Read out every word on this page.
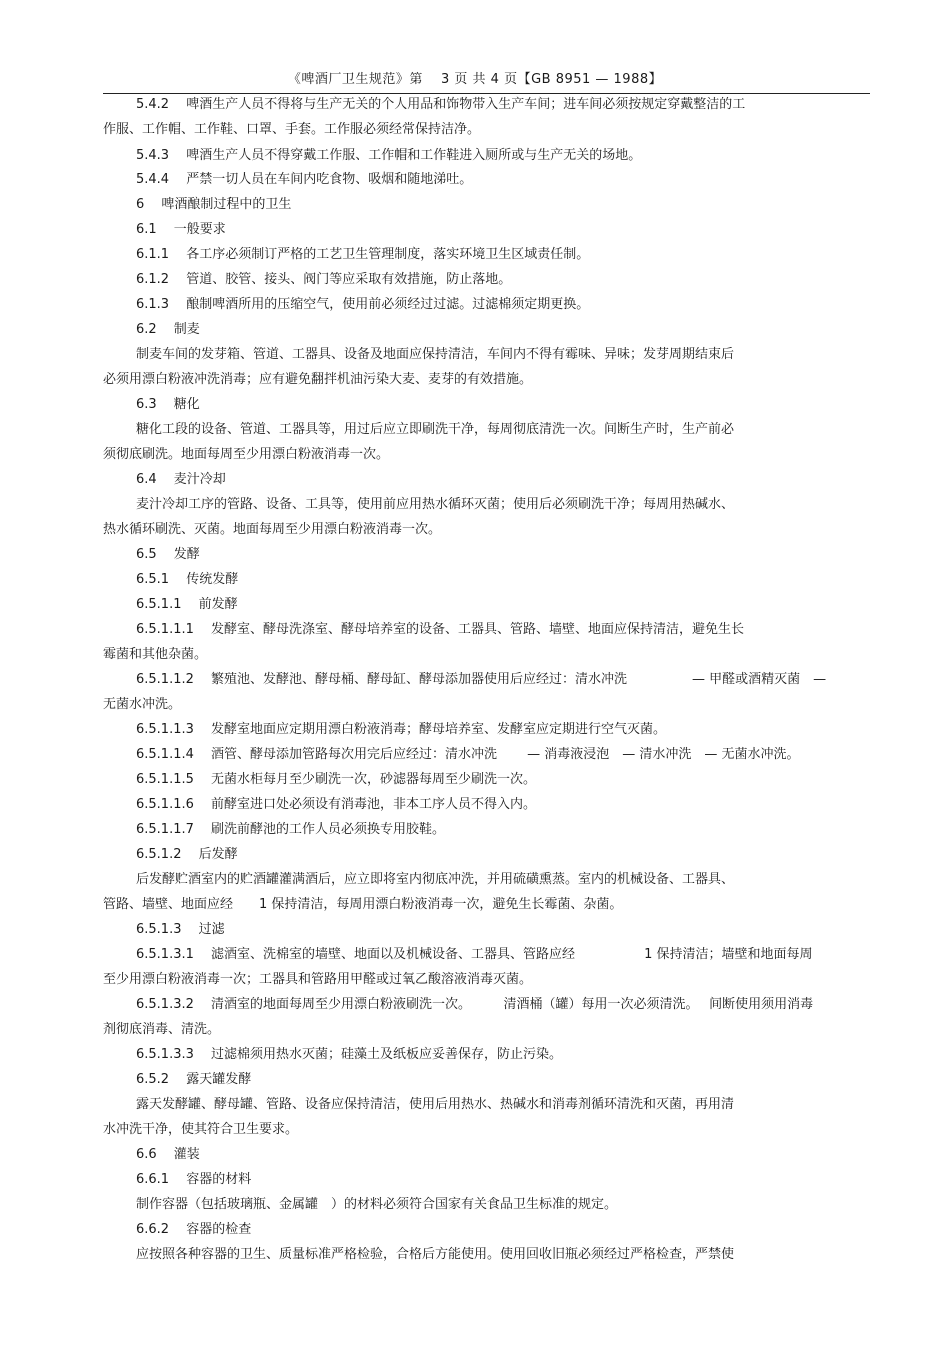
《啤酒厂卫生规范》第　 3 页 共 4 页【GB 8951 — 1988】
5.4.2　 啤酒生产人员不得将与生产无关的个人用品和饰物带入生产车间；进车间必须按规定穿戴整洁的工
作服、工作帽、工作鞋、口罩、手套。工作服必须经常保持洁净。
5.4.3　 啤酒生产人员不得穿戴工作服、工作帽和工作鞋进入厕所或与生产无关的场地。
5.4.4　 严禁一切人员在车间内吃食物、吸烟和随地涕吐。
6　 啤酒酿制过程中的卫生
6.1　 一般要求
6.1.1　 各工序必须制订严格的工艺卫生管理制度，落实环境卫生区域责任制。
6.1.2　 管道、胶管、接头、阀门等应采取有效措施，防止落地。
6.1.3　 酿制啤酒所用的压缩空气，使用前必须经过过滤。过滤棉须定期更换。
6.2　 制麦
制麦车间的发芽箱、管道、工器具、设备及地面应保持清洁，车间内不得有霉味、异味；发芽周期结束后
必须用漂白粉液冲洗消毒；应有避免翻拌机油污染大麦、麦芽的有效措施。
6.3　 糖化
糖化工段的设备、管道、工器具等，用过后应立即刷洗干净，每周彻底清洗一次。间断生产时，生产前必
须彻底刷洗。地面每周至少用漂白粉液消毒一次。
6.4　 麦汁冷却
麦汁冷却工序的管路、设备、工具等，使用前应用热水循环灭菌；使用后必须刷洗干净；每周用热碱水、
热水循环刷洗、灭菌。地面每周至少用漂白粉液消毒一次。
6.5　 发酵
6.5.1　 传统发酵
6.5.1.1　 前发酵
6.5.1.1.1　 发酵室、酵母洗涤室、酵母培养室的设备、工器具、管路、墙壁、地面应保持清洁，避免生长
霉菌和其他杂菌。
6.5.1.1.2　 繁殖池、发酵池、酵母桶、酵母缸、酵母添加器使用后应经过：清水冲洗　　　　　— 甲醛或酒精灭菌　—
无菌水冲洗。
6.5.1.1.3　 发酵室地面应定期用漂白粉液消毒；酵母培养室、发酵室应定期进行空气灭菌。
6.5.1.1.4　 酒管、酵母添加管路每次用完后应经过：清水冲洗　　 — 消毒液浸泡　— 清水冲洗　— 无菌水冲洗。
6.5.1.1.5　 无菌水柜每月至少刷洗一次，砂滤器每周至少刷洗一次。
6.5.1.1.6　 前酵室进口处必须设有消毒池，非本工序人员不得入内。
6.5.1.1.7　 刷洗前酵池的工作人员必须换专用胶鞋。
6.5.1.2　 后发酵
后发酵贮酒室内的贮酒罐灌满酒后，应立即将室内彻底冲洗，并用硫磺熏蒸。室内的机械设备、工器具、
管路、墙壁、地面应经　　1 保持清洁，每周用漂白粉液消毒一次，避免生长霉菌、杂菌。
6.5.1.3　 过滤
6.5.1.3.1　 滤酒室、洗棉室的墙壁、地面以及机械设备、工器具、管路应经　　　　　 1 保持清洁；墙壁和地面每周
至少用漂白粉液消毒一次；工器具和管路用甲醛或过氧乙酸溶液消毒灭菌。
6.5.1.3.2　 清酒室的地面每周至少用漂白粉液刷洗一次。　　　清酒桶（罐）每用一次必须清洗。　 间断使用须用消毒
剂彻底消毒、清洗。
6.5.1.3.3　 过滤棉须用热水灭菌；硅藻土及纸板应妥善保存，防止污染。
6.5.2　 露天罐发酵
露天发酵罐、酵母罐、管路、设备应保持清洁，使用后用热水、热碱水和消毒剂循环清洗和灭菌，再用清
水冲洗干净，使其符合卫生要求。
6.6　 灌装
6.6.1　 容器的材料
制作容器（包括玻璃瓶、金属罐　）的材料必须符合国家有关食品卫生标准的规定。
6.6.2　 容器的检查
应按照各种容器的卫生、质量标准严格检验，合格后方能使用。使用回收旧瓶必须经过严格检查，严禁使
